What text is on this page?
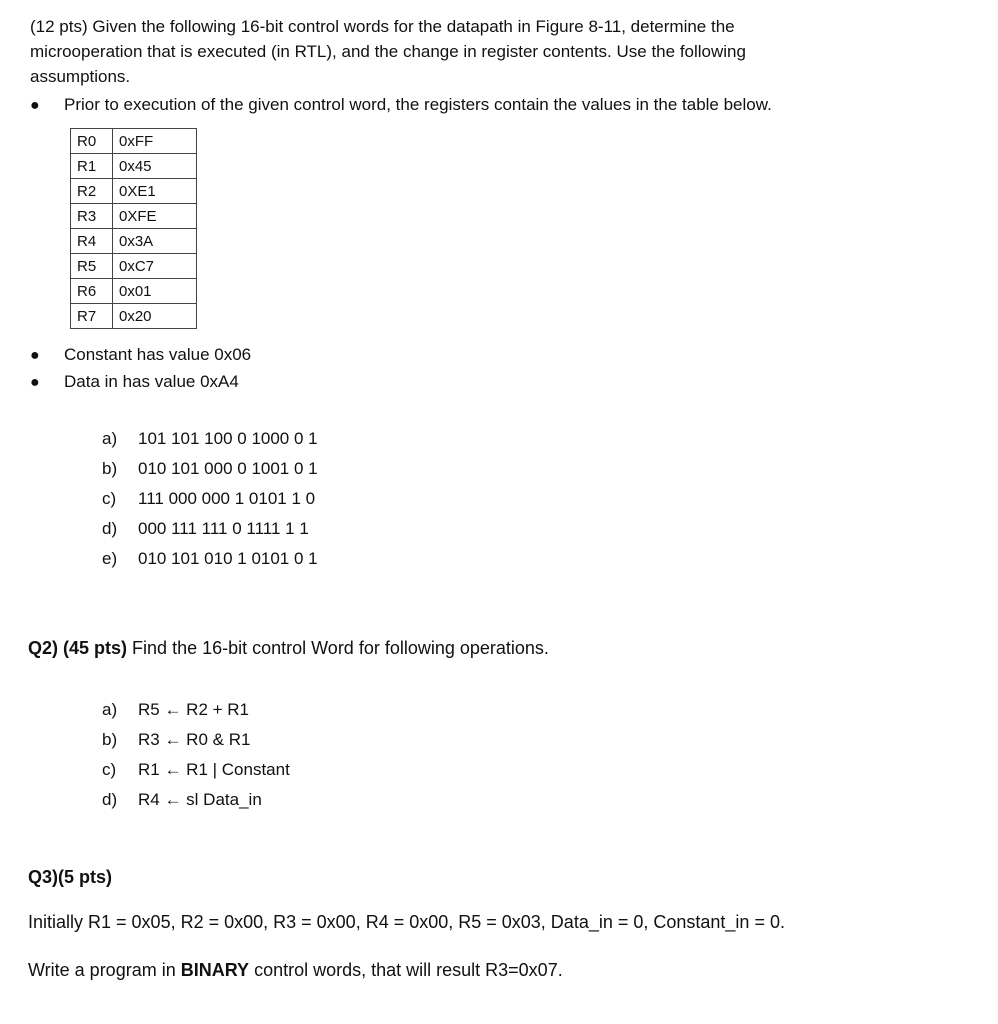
(12 pts) Given the following 16-bit control words for the datapath in Figure 8-11, determine the
microoperation that is executed (in RTL), and the change in register contents. Use the following
assumptions.
● Prior to execution of the given control word, the registers contain the values in the table below.
R0	0xFF
R1	0x45
R2	0XE1
R3	0XFE
R4	0x3A
R5	0xC7
R6	0x01
R7	0x20
● Constant has value 0x06
● Data in has value 0xA4
a) 101 101 100 0 1000 0 1
b) 010 101 000 0 1001 0 1
c) 111 000 000 1 0101 1 0
d) 000 111 111 0 1111 1 1
e) 010 101 010 1 0101 0 1
Q2) (45 pts) Find the 16-bit control Word for following operations.
a) R5 ← R2 + R1
b) R3 ← R0 & R1
c) R1 ← R1 | Constant
d) R4 ← sl Data_in
Q3)(5 pts)
Initially R1 = 0x05, R2 = 0x00, R3 = 0x00, R4 = 0x00, R5 = 0x03, Data_in = 0, Constant_in = 0.
Write a program in BINARY control words, that will result R3=0x07.
